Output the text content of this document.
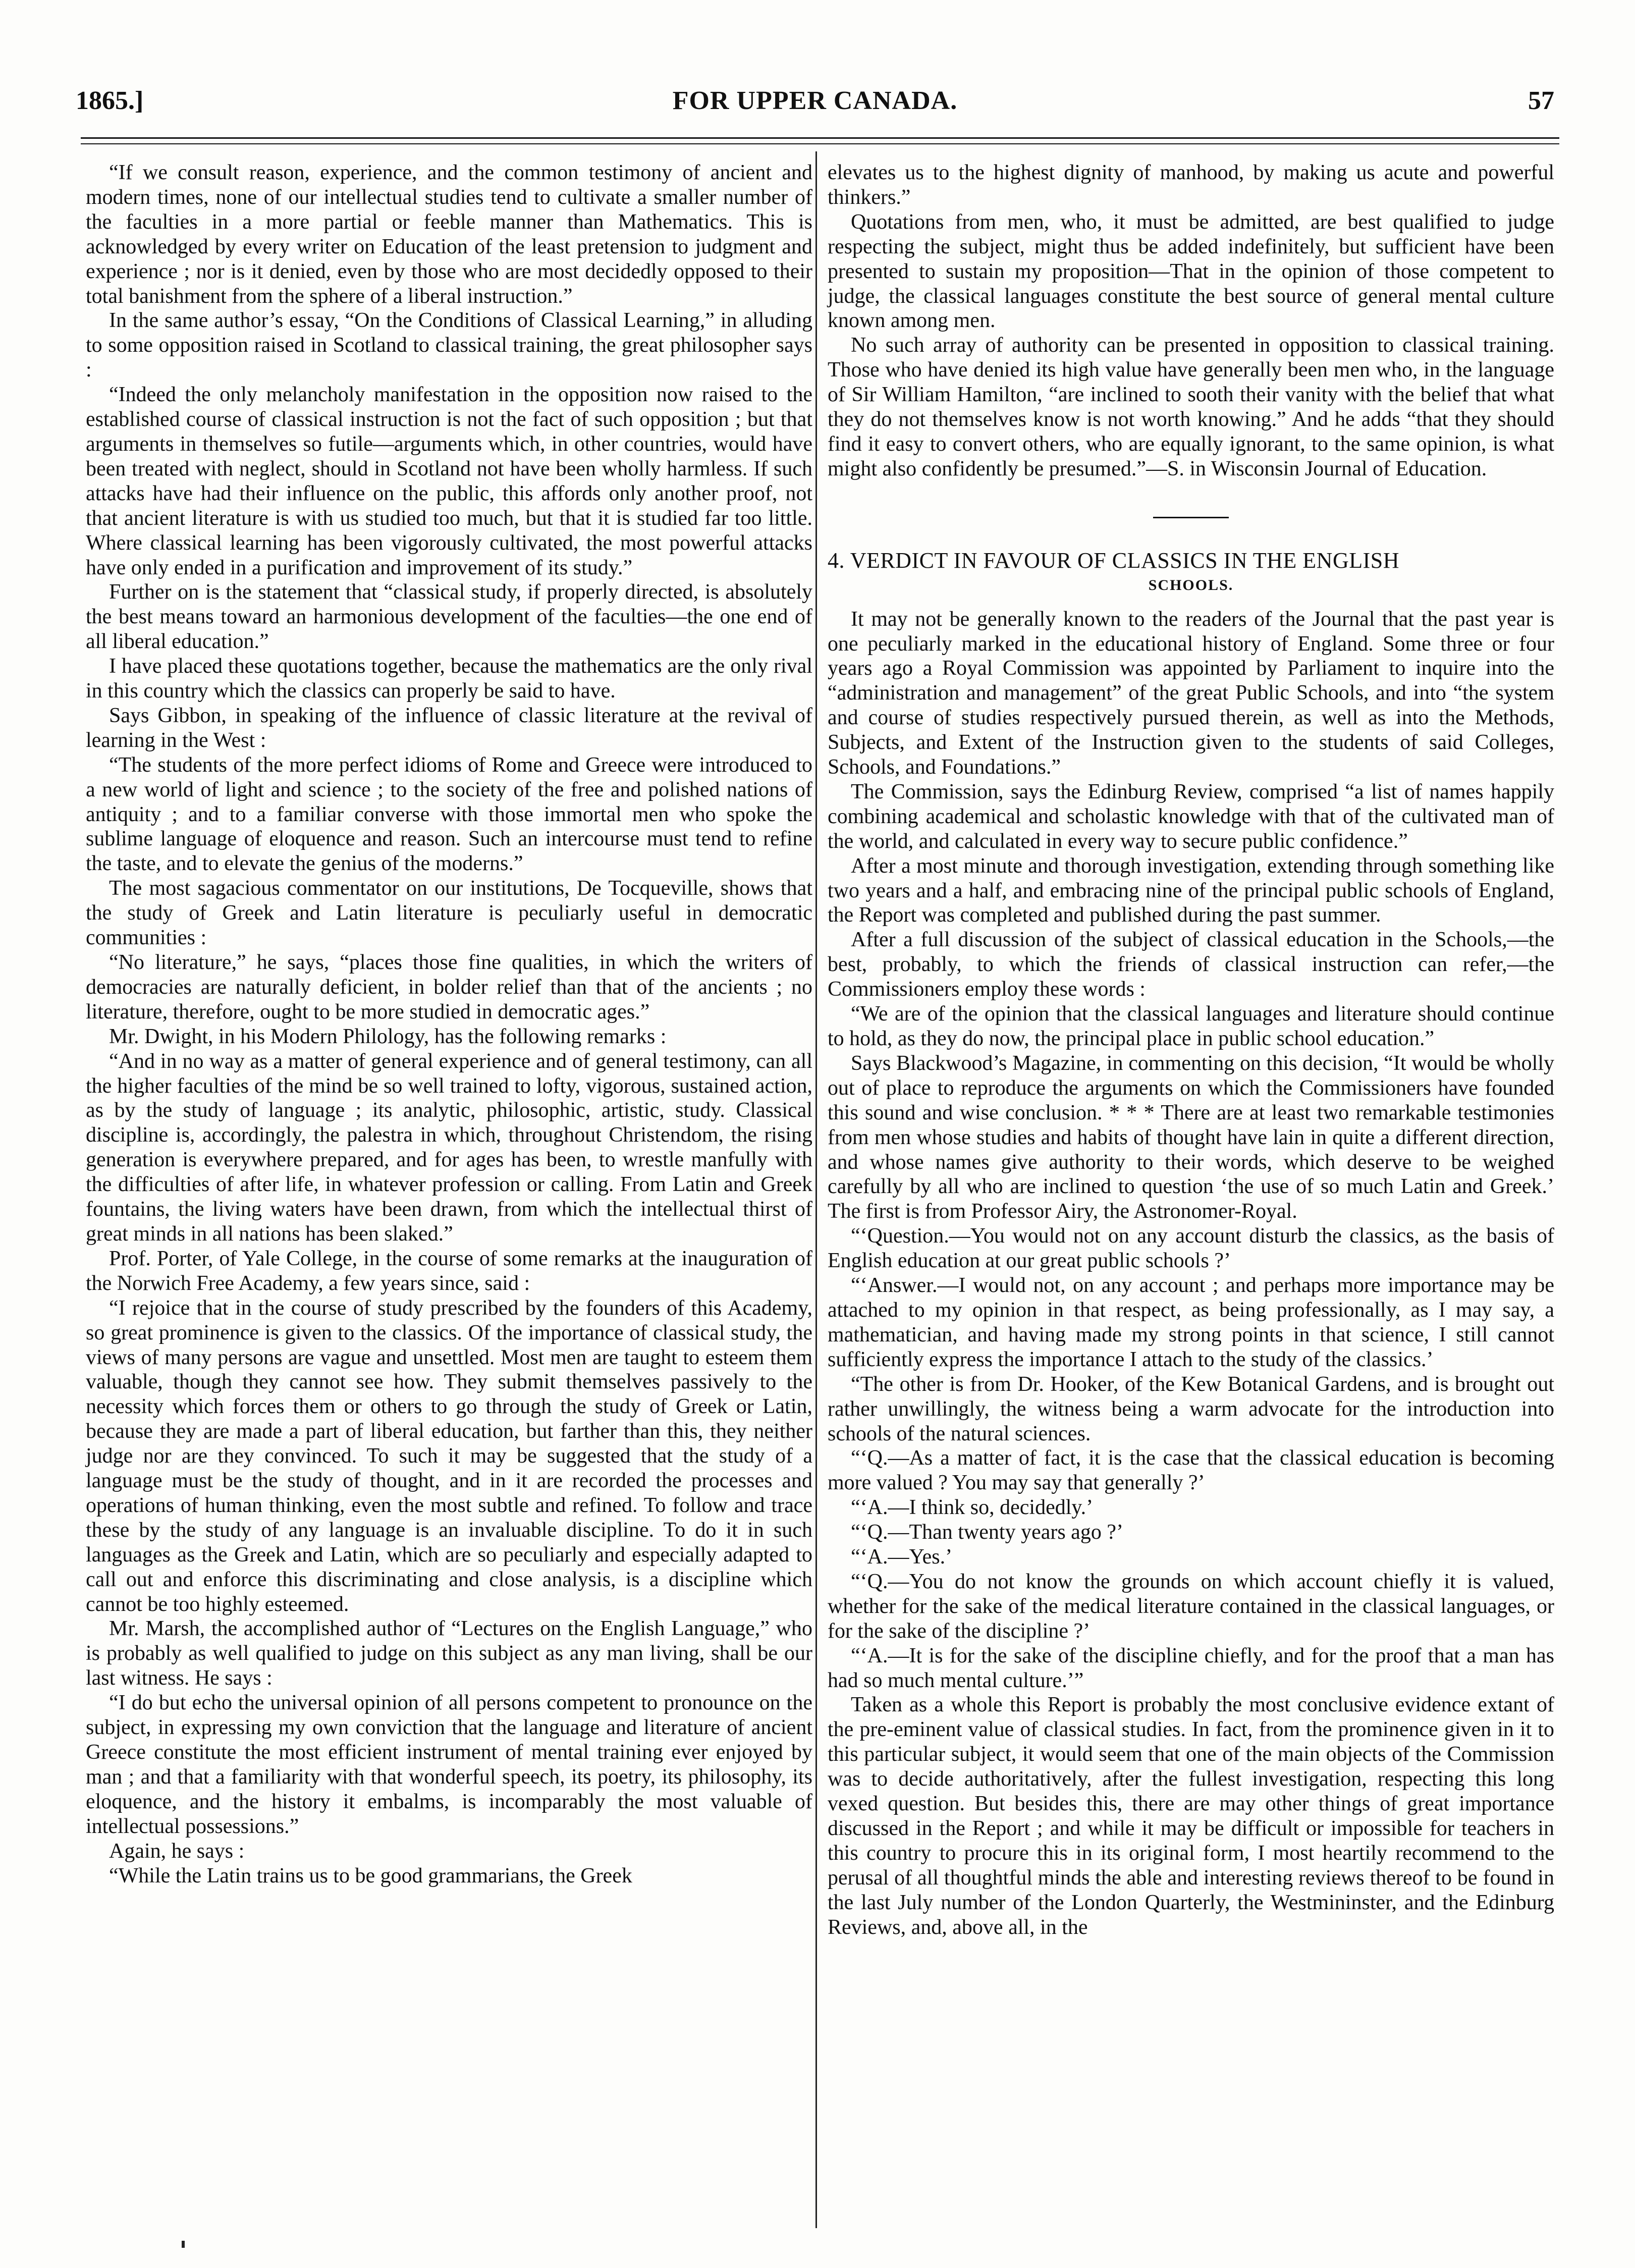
1865.]	FOR UPPER CANADA.	57

“If we consult reason, experience, and the common testimony of ancient and modern times, none of our intellectual studies tend to cultivate a smaller number of the faculties in a more partial or feeble manner than Mathematics. This is acknowledged by every writer on Education of the least pretension to judgment and experience ; nor is it denied, even by those who are most decidedly opposed to their total banishment from the sphere of a liberal instruction.”

In the same author’s essay, “On the Conditions of Classical Learning,” in alluding to some opposition raised in Scotland to classical training, the great philosopher says :

“Indeed the only melancholy manifestation in the opposition now raised to the established course of classical instruction is not the fact of such opposition ; but that arguments in themselves so futile—arguments which, in other countries, would have been treated with neglect, should in Scotland not have been wholly harmless. If such attacks have had their influence on the public, this affords only another proof, not that ancient literature is with us studied too much, but that it is studied far too little. Where classical learning has been vigorously cultivated, the most powerful attacks have only ended in a purification and improvement of its study.”

Further on is the statement that “classical study, if properly directed, is absolutely the best means toward an harmonious development of the faculties—the one end of all liberal education.”

I have placed these quotations together, because the mathematics are the only rival in this country which the classics can properly be said to have.

Says Gibbon, in speaking of the influence of classic literature at the revival of learning in the West :

“The students of the more perfect idioms of Rome and Greece were introduced to a new world of light and science ; to the society of the free and polished nations of antiquity ; and to a familiar converse with those immortal men who spoke the sublime language of eloquence and reason. Such an intercourse must tend to refine the taste, and to elevate the genius of the moderns.”

The most sagacious commentator on our institutions, De Tocqueville, shows that the study of Greek and Latin literature is peculiarly useful in democratic communities :

“No literature,” he says, “places those fine qualities, in which the writers of democracies are naturally deficient, in bolder relief than that of the ancients ; no literature, therefore, ought to be more studied in democratic ages.”

Mr. Dwight, in his Modern Philology, has the following remarks :

“And in no way as a matter of general experience and of general testimony, can all the higher faculties of the mind be so well trained to lofty, vigorous, sustained action, as by the study of language ; its analytic, philosophic, artistic, study. Classical discipline is, accordingly, the palestra in which, throughout Christendom, the rising generation is everywhere prepared, and for ages has been, to wrestle manfully with the difficulties of after life, in whatever profession or calling. From Latin and Greek fountains, the living waters have been drawn, from which the intellectual thirst of great minds in all nations has been slaked.”

Prof. Porter, of Yale College, in the course of some remarks at the inauguration of the Norwich Free Academy, a few years since, said :

“I rejoice that in the course of study prescribed by the founders of this Academy, so great prominence is given to the classics. Of the importance of classical study, the views of many persons are vague and unsettled. Most men are taught to esteem them valuable, though they cannot see how. They submit themselves passively to the necessity which forces them or others to go through the study of Greek or Latin, because they are made a part of liberal education, but farther than this, they neither judge nor are they convinced. To such it may be suggested that the study of a language must be the study of thought, and in it are recorded the processes and operations of human thinking, even the most subtle and refined. To follow and trace these by the study of any language is an invaluable discipline. To do it in such languages as the Greek and Latin, which are so peculiarly and especially adapted to call out and enforce this discriminating and close analysis, is a discipline which cannot be too highly esteemed.

Mr. Marsh, the accomplished author of “Lectures on the English Language,” who is probably as well qualified to judge on this subject as any man living, shall be our last witness. He says :

“I do but echo the universal opinion of all persons competent to pronounce on the subject, in expressing my own conviction that the language and literature of ancient Greece constitute the most efficient instrument of mental training ever enjoyed by man ; and that a familiarity with that wonderful speech, its poetry, its philosophy, its eloquence, and the history it embalms, is incomparably the most valuable of intellectual possessions.”

Again, he says :

“While the Latin trains us to be good grammarians, the Greek

elevates us to the highest dignity of manhood, by making us acute and powerful thinkers.”

Quotations from men, who, it must be admitted, are best qualified to judge respecting the subject, might thus be added indefinitely, but sufficient have been presented to sustain my proposition—That in the opinion of those competent to judge, the classical languages constitute the best source of general mental culture known among men.

No such array of authority can be presented in opposition to classical training. Those who have denied its high value have generally been men who, in the language of Sir William Hamilton, “are inclined to sooth their vanity with the belief that what they do not themselves know is not worth knowing.” And he adds “that they should find it easy to convert others, who are equally ignorant, to the same opinion, is what might also confidently be presumed.”—S. in Wisconsin Journal of Education.

4. VERDICT IN FAVOUR OF CLASSICS IN THE ENGLISH

SCHOOLS.

It may not be generally known to the readers of the Journal that the past year is one peculiarly marked in the educational history of England. Some three or four years ago a Royal Commission was appointed by Parliament to inquire into the “administration and management” of the great Public Schools, and into “the system and course of studies respectively pursued therein, as well as into the Methods, Subjects, and Extent of the Instruction given to the students of said Colleges, Schools, and Foundations.”

The Commission, says the Edinburg Review, comprised “a list of names happily combining academical and scholastic knowledge with that of the cultivated man of the world, and calculated in every way to secure public confidence.”

After a most minute and thorough investigation, extending through something like two years and a half, and embracing nine of the principal public schools of England, the Report was completed and published during the past summer.

After a full discussion of the subject of classical education in the Schools,—the best, probably, to which the friends of classical instruction can refer,—the Commissioners employ these words :

“We are of the opinion that the classical languages and literature should continue to hold, as they do now, the principal place in public school education.”

Says Blackwood’s Magazine, in commenting on this decision, “It would be wholly out of place to reproduce the arguments on which the Commissioners have founded this sound and wise conclusion. * * * There are at least two remarkable testimonies from men whose studies and habits of thought have lain in quite a different direction, and whose names give authority to their words, which deserve to be weighed carefully by all who are inclined to question ‘the use of so much Latin and Greek.’ The first is from Professor Airy, the Astronomer-Royal.

“‘Question.—You would not on any account disturb the classics, as the basis of English education at our great public schools ?’

“‘Answer.—I would not, on any account ; and perhaps more importance may be attached to my opinion in that respect, as being professionally, as I may say, a mathematician, and having made my strong points in that science, I still cannot sufficiently express the importance I attach to the study of the classics.’

“The other is from Dr. Hooker, of the Kew Botanical Gardens, and is brought out rather unwillingly, the witness being a warm advocate for the introduction into schools of the natural sciences.

“‘Q.—As a matter of fact, it is the case that the classical education is becoming more valued ? You may say that generally ?’

“‘A.—I think so, decidedly.’

“‘Q.—Than twenty years ago ?’

“‘A.—Yes.’

“‘Q.—You do not know the grounds on which account chiefly it is valued, whether for the sake of the medical literature contained in the classical languages, or for the sake of the discipline ?’

“‘A.—It is for the sake of the discipline chiefly, and for the proof that a man has had so much mental culture.’”

Taken as a whole this Report is probably the most conclusive evidence extant of the pre-eminent value of classical studies. In fact, from the prominence given in it to this particular subject, it would seem that one of the main objects of the Commission was to decide authoritatively, after the fullest investigation, respecting this long vexed question. But besides this, there are may other things of great importance discussed in the Report ; and while it may be difficult or impossible for teachers in this country to procure this in its original form, I most heartily recommend to the perusal of all thoughtful minds the able and interesting reviews thereof to be found in the last July number of the London Quarterly, the Westmininster, and the Edinburg Reviews, and, above all, in the
